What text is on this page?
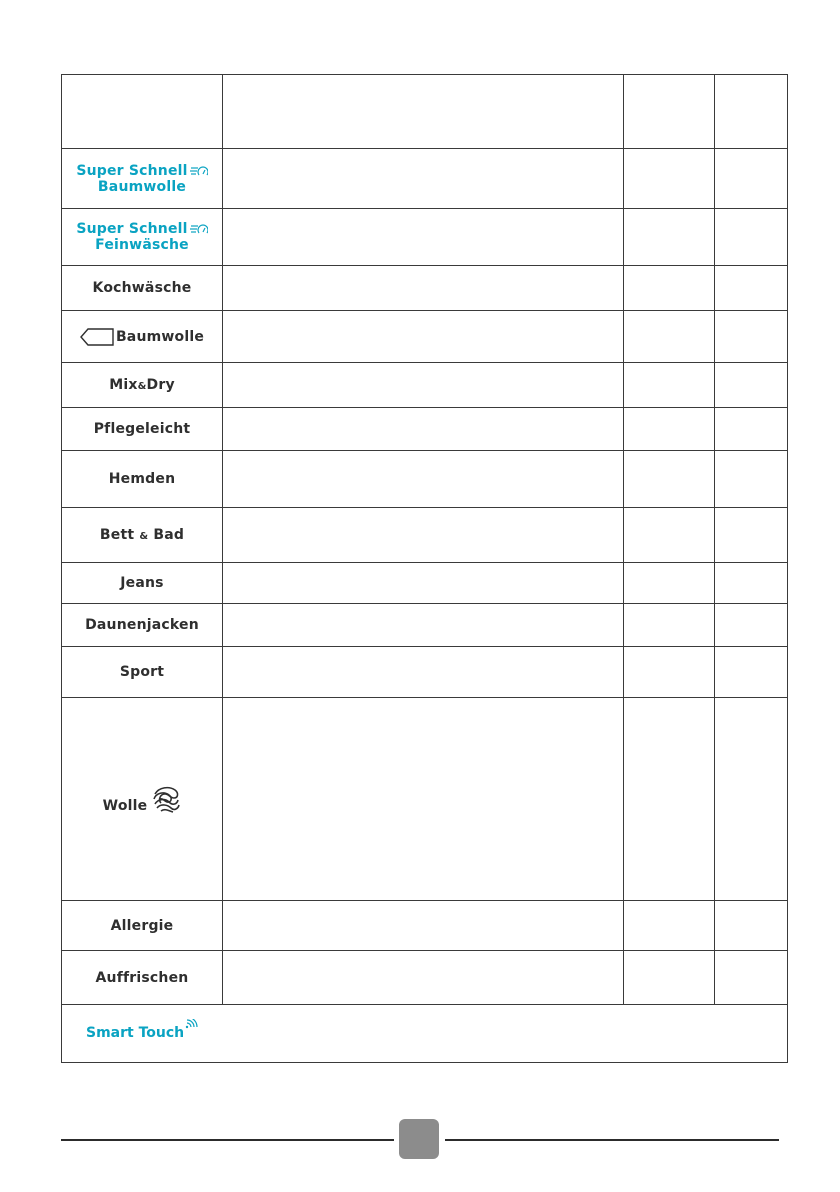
Super Schnell
Baumwolle
Super Schnell
Feinwäsche
Kochwäsche
Baumwolle
Mix&Dry
Pflegeleicht
Hemden
Bett & Bad
Jeans
Daunenjacken
Sport
Wolle
Allergie
Auffrischen
Smart Touch
